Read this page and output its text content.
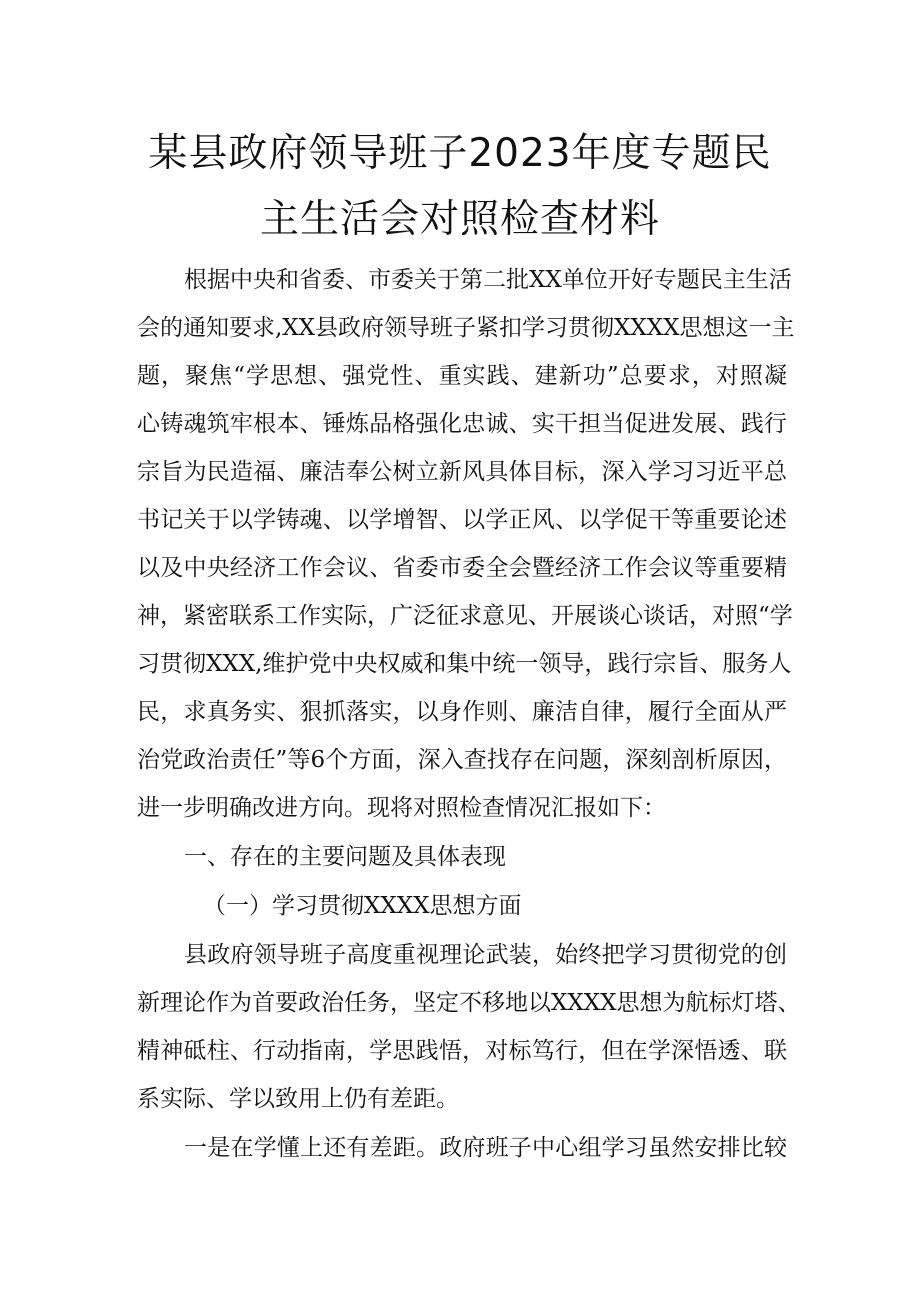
某县政府领导班子2023年度专题民
主生活会对照检查材料
根据中央和省委、市委关于第二批XX单位开好专题民主生活
会的通知要求,XX县政府领导班子紧扣学习贯彻XXXX思想这一主
题，聚焦“学思想、强党性、重实践、建新功”总要求，对照凝
心铸魂筑牢根本、锤炼品格强化忠诚、实干担当促进发展、践行
宗旨为民造福、廉洁奉公树立新风具体目标，深入学习习近平总
书记关于以学铸魂、以学增智、以学正风、以学促干等重要论述
以及中央经济工作会议、省委市委全会暨经济工作会议等重要精
神，紧密联系工作实际，广泛征求意见、开展谈心谈话，对照“学
习贯彻XXX,维护党中央权威和集中统一领导，践行宗旨、服务人
民，求真务实、狠抓落实，以身作则、廉洁自律，履行全面从严
治党政治责任”等6个方面，深入查找存在问题，深刻剖析原因，
进一步明确改进方向。现将对照检查情况汇报如下：
一、存在的主要问题及具体表现
（一）学习贯彻XXXX思想方面
县政府领导班子高度重视理论武装，始终把学习贯彻党的创
新理论作为首要政治任务，坚定不移地以XXXX思想为航标灯塔、
精神砥柱、行动指南，学思践悟，对标笃行，但在学深悟透、联
系实际、学以致用上仍有差距。
一是在学懂上还有差距。政府班子中心组学习虽然安排比较
